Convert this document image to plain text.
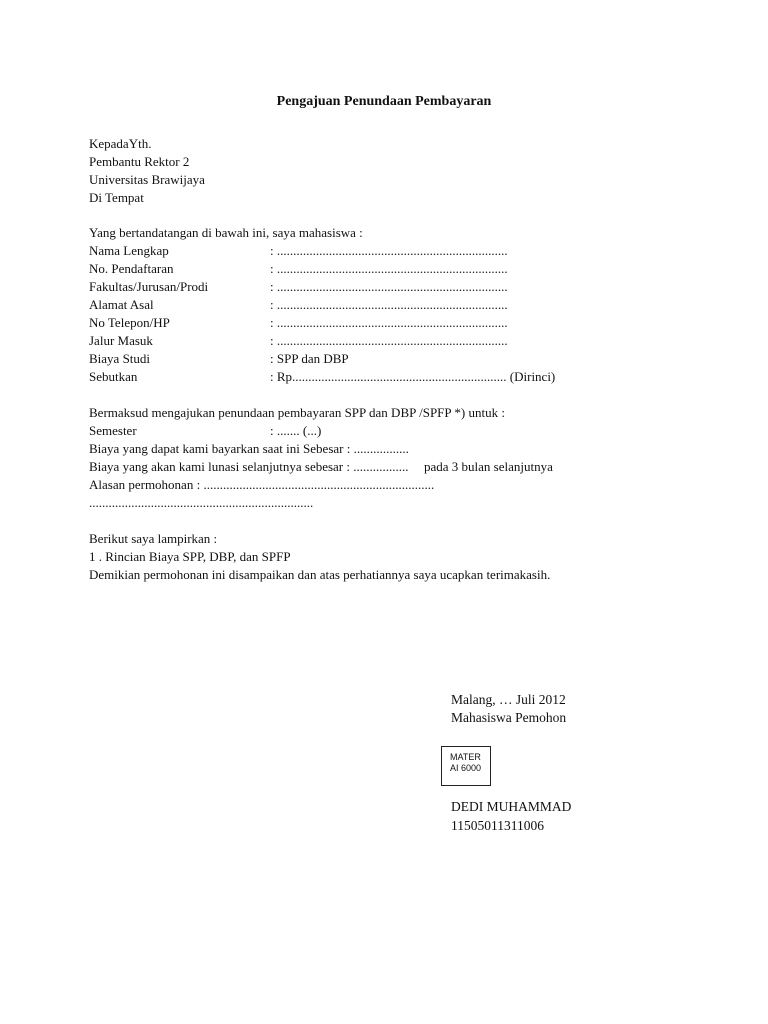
Pengajuan Penundaan Pembayaran
KepadaYth.
Pembantu Rektor 2
Universitas Brawijaya
Di Tempat
Yang bertandatangan di bawah ini, saya mahasiswa :
Nama Lengkap	: .......................................................................
No. Pendaftaran	: .......................................................................
Fakultas/Jurusan/Prodi	: .......................................................................
Alamat Asal	: .......................................................................
No Telepon/HP	: .......................................................................
Jalur Masuk	: .......................................................................
Biaya Studi	: SPP dan DBP
Sebutkan	: Rp.................................................................. (Dirinci)
Bermaksud mengajukan penundaan pembayaran SPP dan DBP /SPFP *) untuk :
Semester	: ....... (...)
Biaya yang dapat kami bayarkan saat ini Sebesar : .................
Biaya yang akan kami lunasi selanjutnya sebesar : ................. pada 3 bulan selanjutnya
Alasan permohonan : .......................................................................
.....................................................................
Berikut saya lampirkan :
1 . Rincian Biaya SPP, DBP, dan SPFP
Demikian permohonan ini disampaikan dan atas perhatiannya saya ucapkan terimakasih.
Malang, … Juli 2012
Mahasiswa Pemohon
MATER
AI 6000
DEDI MUHAMMAD
11505011311006
